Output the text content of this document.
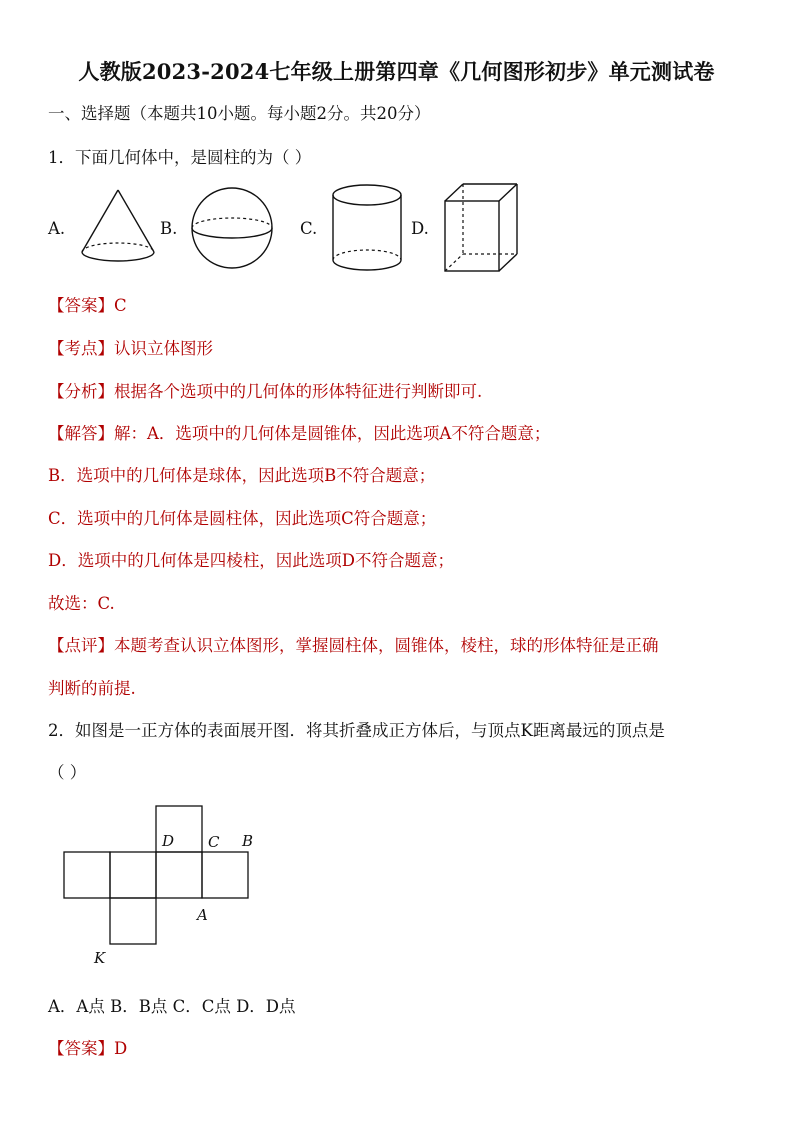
人教版2023-2024七年级上册第四章《几何图形初步》单元测试卷
一、选择题（本题共10小题。每小题2分。共20分）
1．下面几何体中，是圆柱的为（ ）
A.	B.	C.	D.
【答案】C
【考点】认识立体图形
【分析】根据各个选项中的几何体的形体特征进行判断即可.
【解答】解：A．选项中的几何体是圆锥体，因此选项A不符合题意；
B．选项中的几何体是球体，因此选项B不符合题意；
C．选项中的几何体是圆柱体，因此选项C符合题意；
D．选项中的几何体是四棱柱，因此选项D不符合题意；
故选：C.
【点评】本题考查认识立体图形，掌握圆柱体，圆锥体，棱柱，球的形体特征是正确
判断的前提.
2．如图是一正方体的表面展开图．将其折叠成正方体后，与顶点K距离最远的顶点是
（ ）
D C B
A
K
A．A点 B．B点 C．C点 D．D点
【答案】D
